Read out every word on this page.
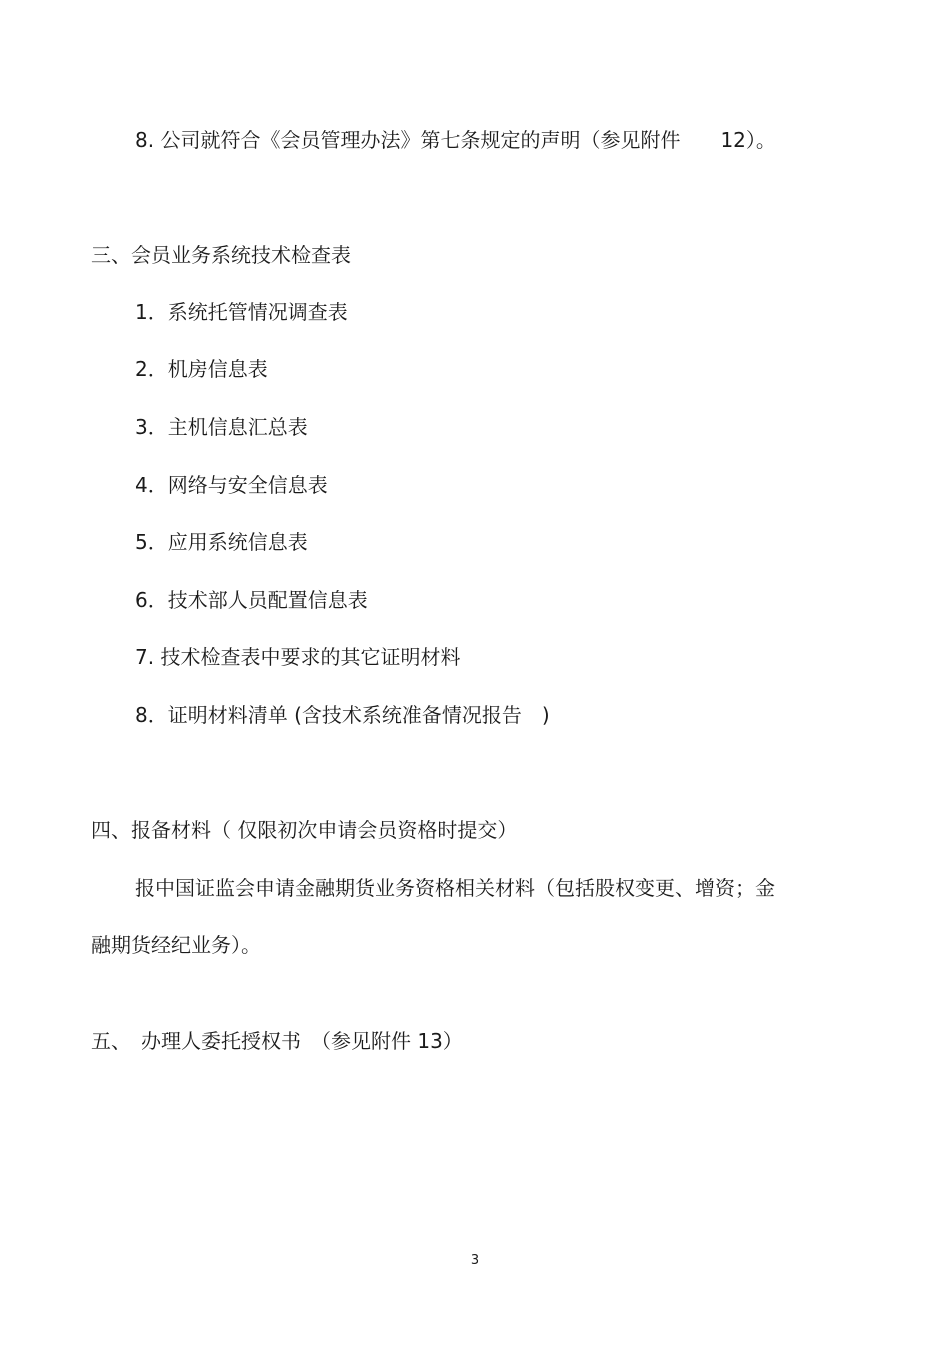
8. 公司就符合《会员管理办法》第七条规定的声明（参见附件　　12）。
三、会员业务系统技术检查表
1．系统托管情况调查表
2．机房信息表
3．主机信息汇总表
4．网络与安全信息表
5．应用系统信息表
6．技术部人员配置信息表
7. 技术检查表中要求的其它证明材料
8．证明材料清单 (含技术系统准备情况报告　)
四、报备材料（ 仅限初次申请会员资格时提交）
报中国证监会申请金融期货业务资格相关材料（包括股权变更、增资；金
融期货经纪业务）。
五、　办理人委托授权书　（参见附件 13）
3
